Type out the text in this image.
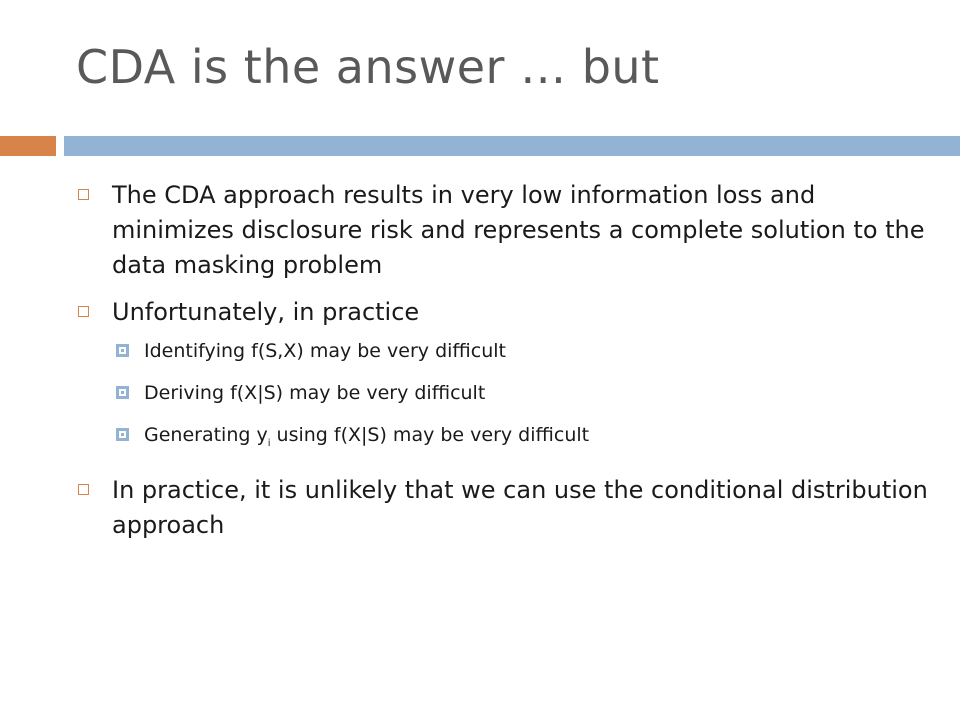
CDA is the answer … but
The CDA approach results in very low information loss and minimizes disclosure risk and represents a complete solution to the data masking problem
Unfortunately, in practice
Identifying f(S,X) may be very difficult
Deriving f(X|S) may be very difficult
Generating $y_i$ using f(X|S) may be very difficult
In practice, it is unlikely that we can use the conditional distribution approach
